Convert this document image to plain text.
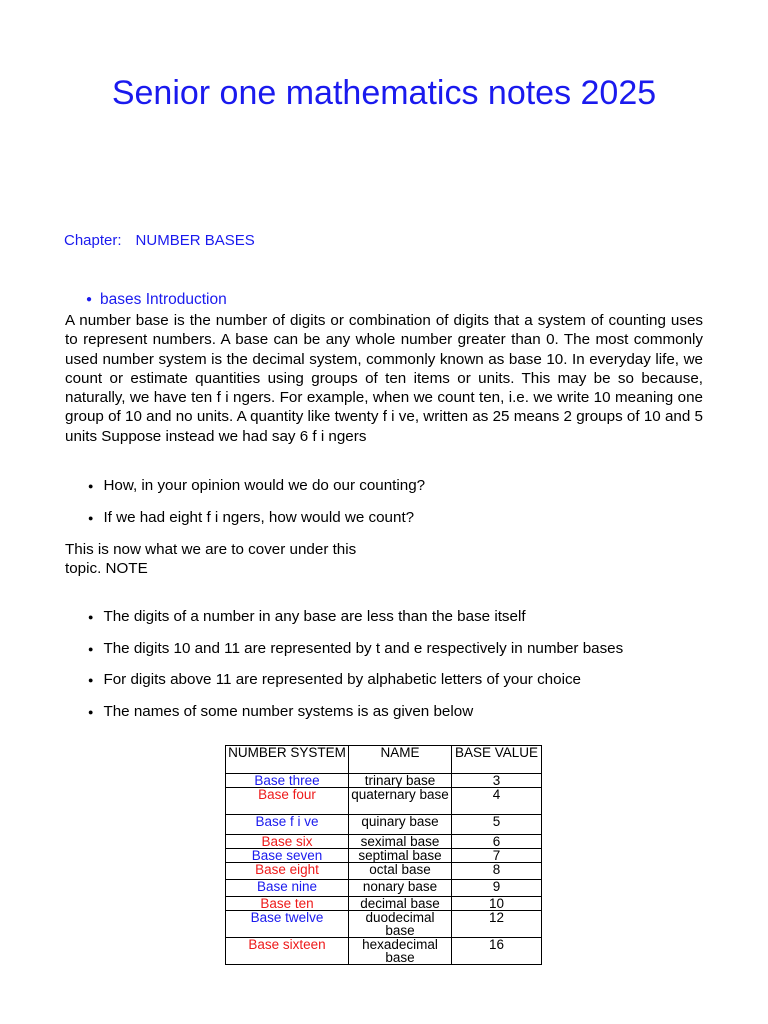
Senior one mathematics notes 2025
Chapter: NUMBER BASES
● bases Introduction

A number base is the number of digits or combination of digits that a system of counting uses to represent numbers. A base can be any whole number greater than 0. The most commonly used number system is the decimal system, commonly known as base 10. In everyday life, we count or estimate quantities using groups of ten items or units. This may be so because, naturally, we have ten f i ngers. For example, when we count ten, i.e. we write 10 meaning one group of 10 and no units. A quantity like twenty f i ve, written as 25 means 2 groups of 10 and 5 units Suppose instead we had say 6 f i ngers

● How, in your opinion would we do our counting?
● If we had eight f i ngers, how would we count?

This is now what we are to cover under this
topic. NOTE

● The digits of a number in any base are less than the base itself
● The digits 10 and 11 are represented by t and e respectively in number bases
● For digits above 11 are represented by alphabetic letters of your choice
● The names of some number systems is as given below
NUMBER SYSTEM	NAME	BASE VALUE
Base three	trinary base	3
Base four	quaternary base	4
Base f i ve	quinary base	5
Base six	seximal base	6
Base seven	septimal base	7
Base eight	octal base	8
Base nine	nonary base	9
Base ten	decimal base	10
Base twelve	duodecimal base	12
Base sixteen	hexadecimal base	16
